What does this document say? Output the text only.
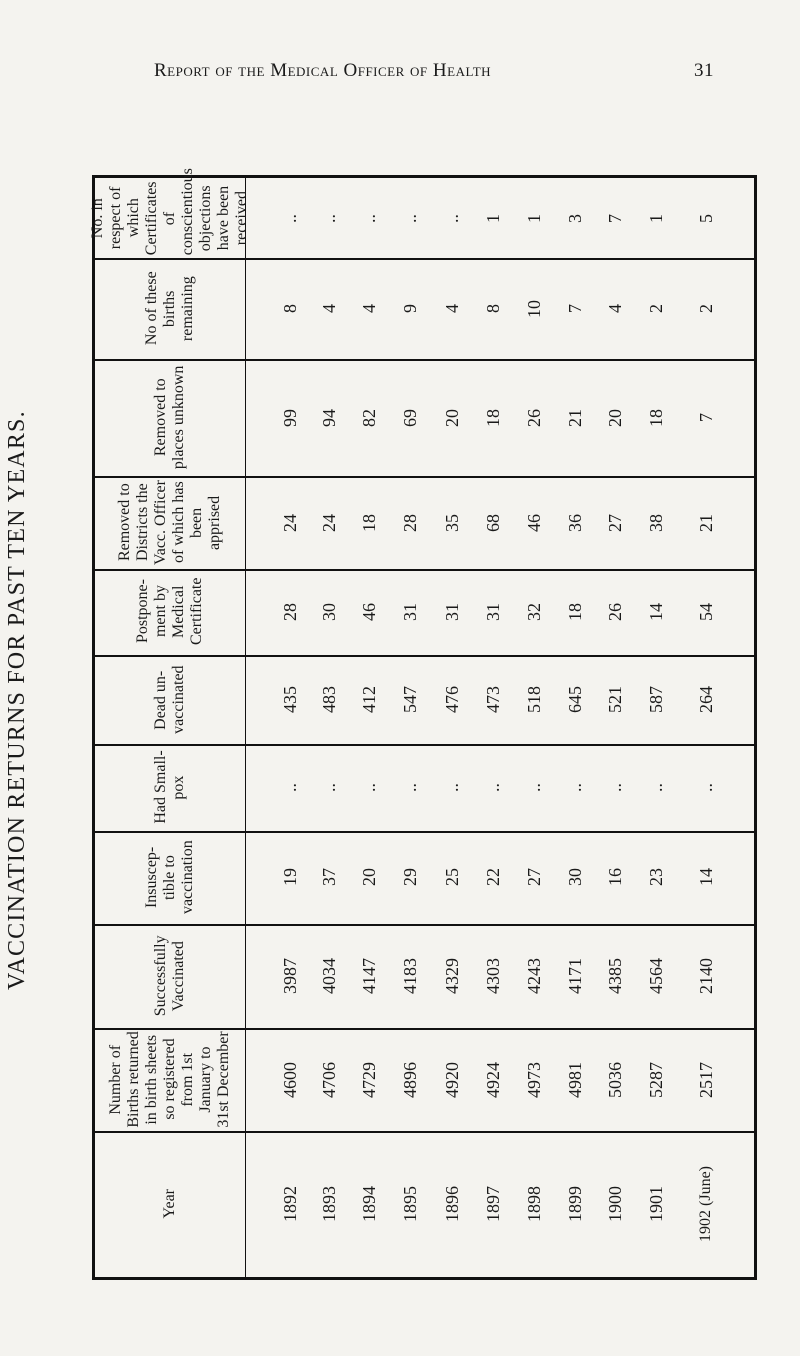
Report of the Medical Officer of Health	31
VACCINATION RETURNS FOR PAST TEN YEARS.
No. in respect of which Certificates of conscientious objections have been received .. .. .. .. .. 1 1 3 7 1 5
No of these births remaining	8 4 4 9 4 8 10 7 4 2 2
Removed to places unknown	99 94 82 69 20 18 26 21 20 18 7
Removed to Districts the Vacc. Officer of which has been apprised	24 24 18 28 35 68 46 36 27 38 21
Postpone-ment by Medical Certificate	28 30 46 31 31 31 32 18 26 14 54
Dead un-vaccinated	435 483 412 547 476 473 518 645 521 587 264
Had Small-pox	.. .. .. .. .. .. .. .. .. .. ..
Insuscep-tible to vaccination	19 37 20 29 25 22 27 30 16 23 14
Successfully Vaccinated	3987 4034 4147 4183 4329 4303 4243 4171 4385 4564 2140
Number of Births returned in birth sheets so registered from 1st January to 31st December	4600 4706 4729 4896 4920 4924 4973 4981 5036 5287 2517
Year	1892 1893 1894 1895 1896 1897 1898 1899 1900 1901 1902 (June)
